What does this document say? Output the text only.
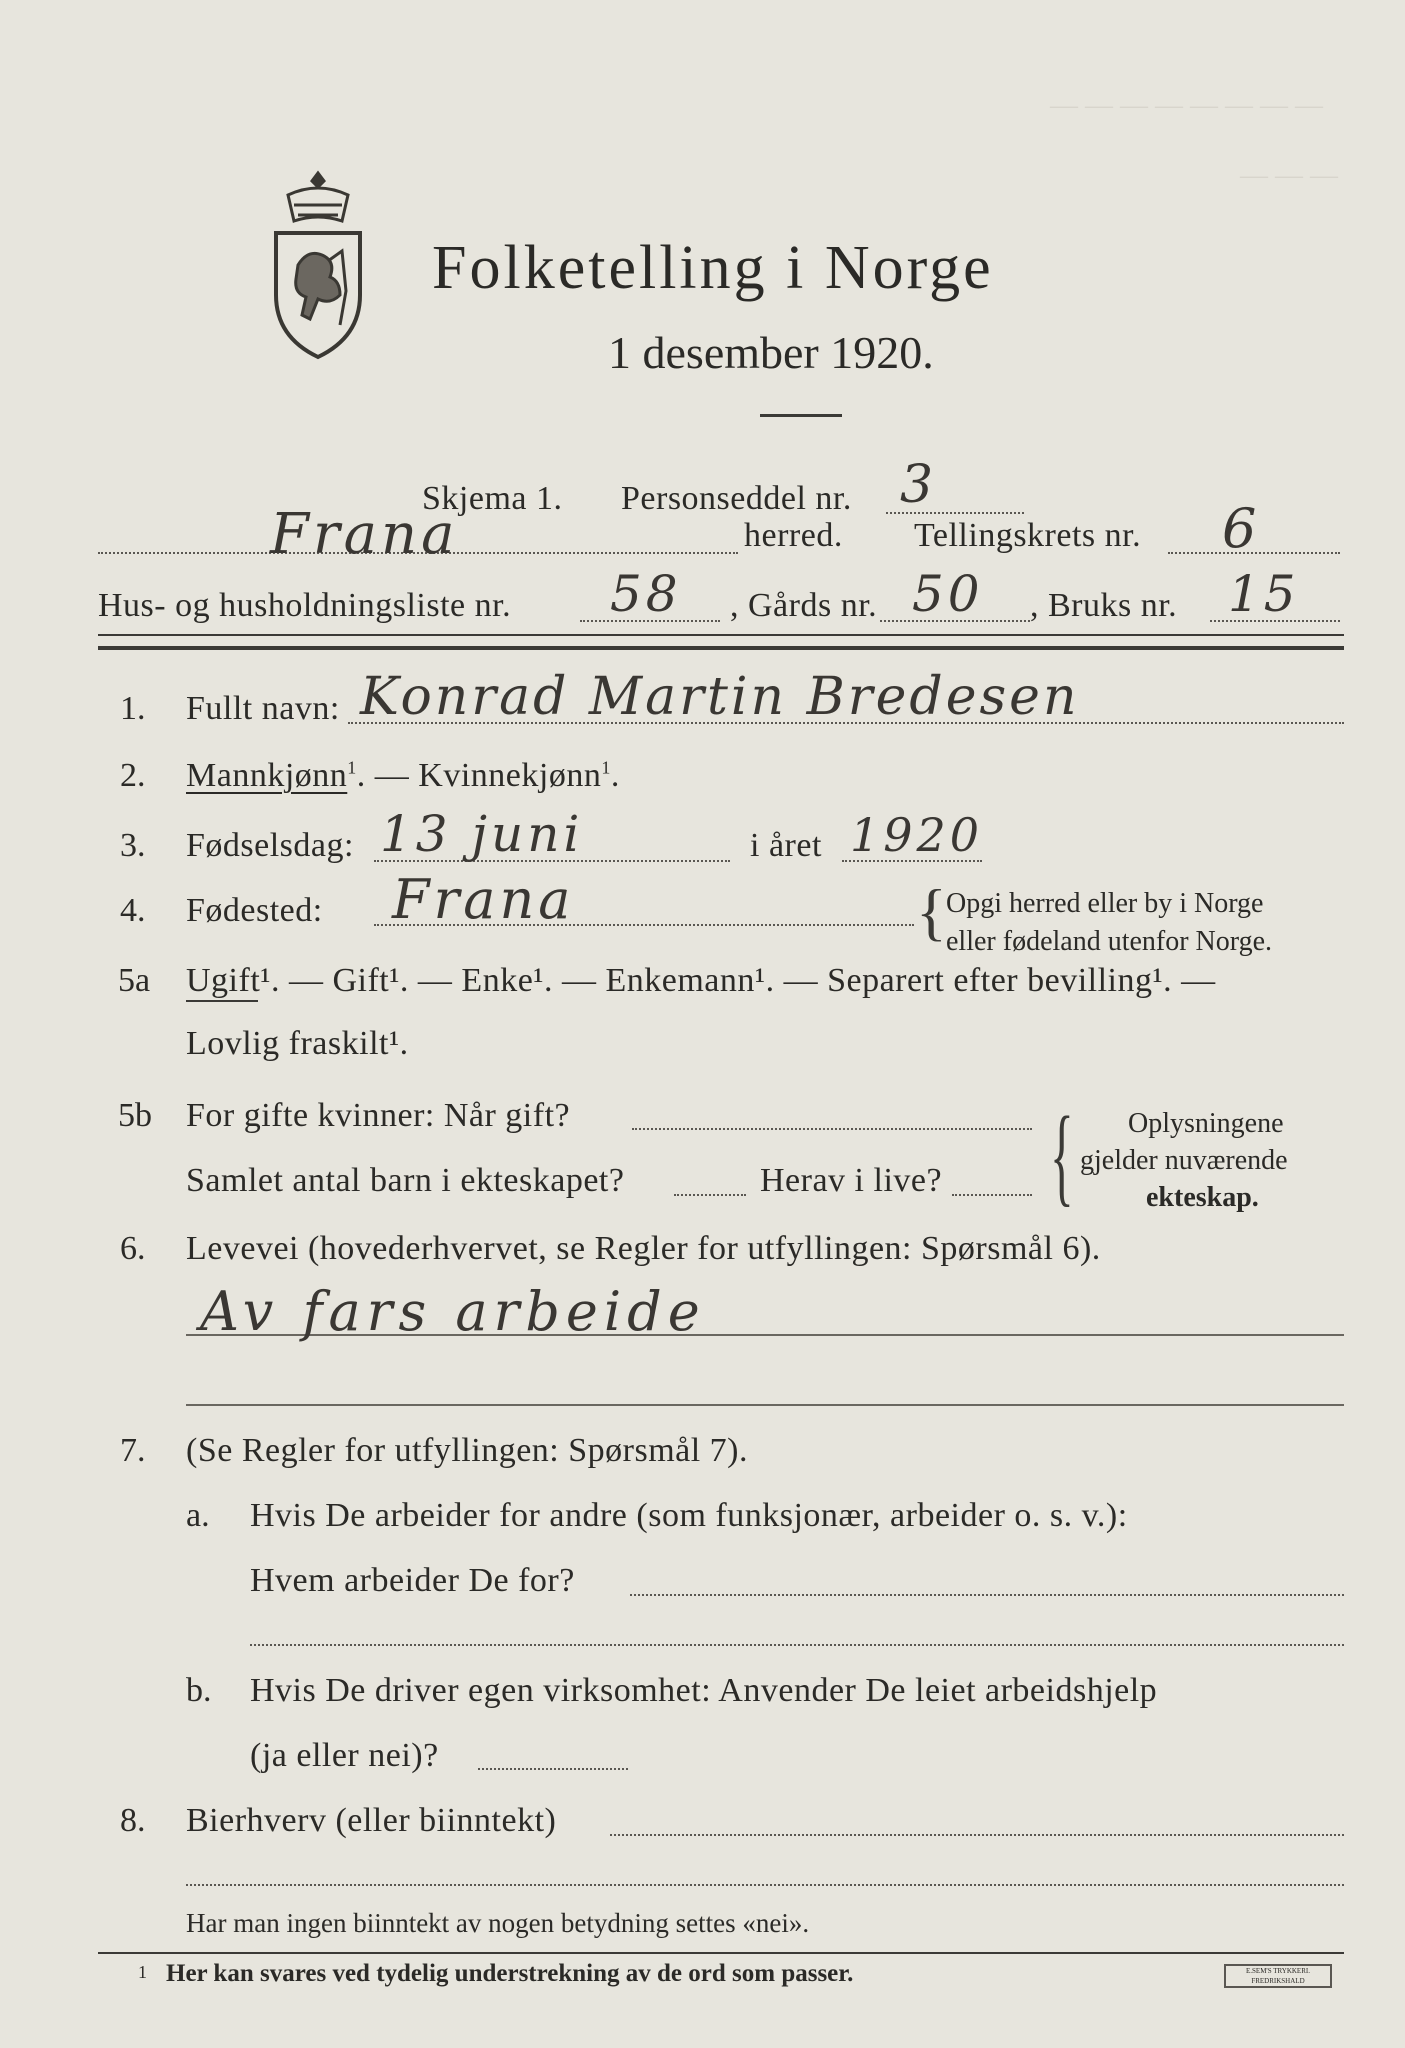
— — — — — — — —
— — —
Folketelling i Norge
1 desember 1920.
Skjema 1. Personseddel nr. 3
Frana	herred. Tellingskrets nr. 6
Hus- og husholdningsliste nr. 58 , Gårds nr. 50 , Bruks nr. 15
1. Fullt navn: Konrad Martin Bredesen
2. Mannkjønn$^1$. — Kvinnekjønn$^1$.
3. Fødselsdag: 13 juni	i året 1920
4. Fødested: Frana	{ Opgi herred eller by i Norge
eller fødeland utenfor Norge.
5a Ugift¹. — Gift¹. — Enke¹. — Enkemann¹. — Separert efter bevilling¹. —
Lovlig fraskilt¹.
5b For gifte kvinner: Når gift?
Samlet antal barn i ekteskapet?	Herav i live? { Oplysningene
gjelder nuværende
ekteskap.
6. Levevei (hovederhvervet, se Regler for utfyllingen: Spørsmål 6).
Av fars arbeide
7. (Se Regler for utfyllingen: Spørsmål 7).
a. Hvis De arbeider for andre (som funksjonær, arbeider o. s. v.):
Hvem arbeider De for?
b. Hvis De driver egen virksomhet: Anvender De leiet arbeidshjelp
(ja eller nei)?
8. Bierhverv (eller biinntekt)
Har man ingen biinntekt av nogen betydning settes «nei».
1 Her kan svares ved tydelig understrekning av de ord som passer.	E.SEM'S TRYKKERI. FREDRIKSHALD
